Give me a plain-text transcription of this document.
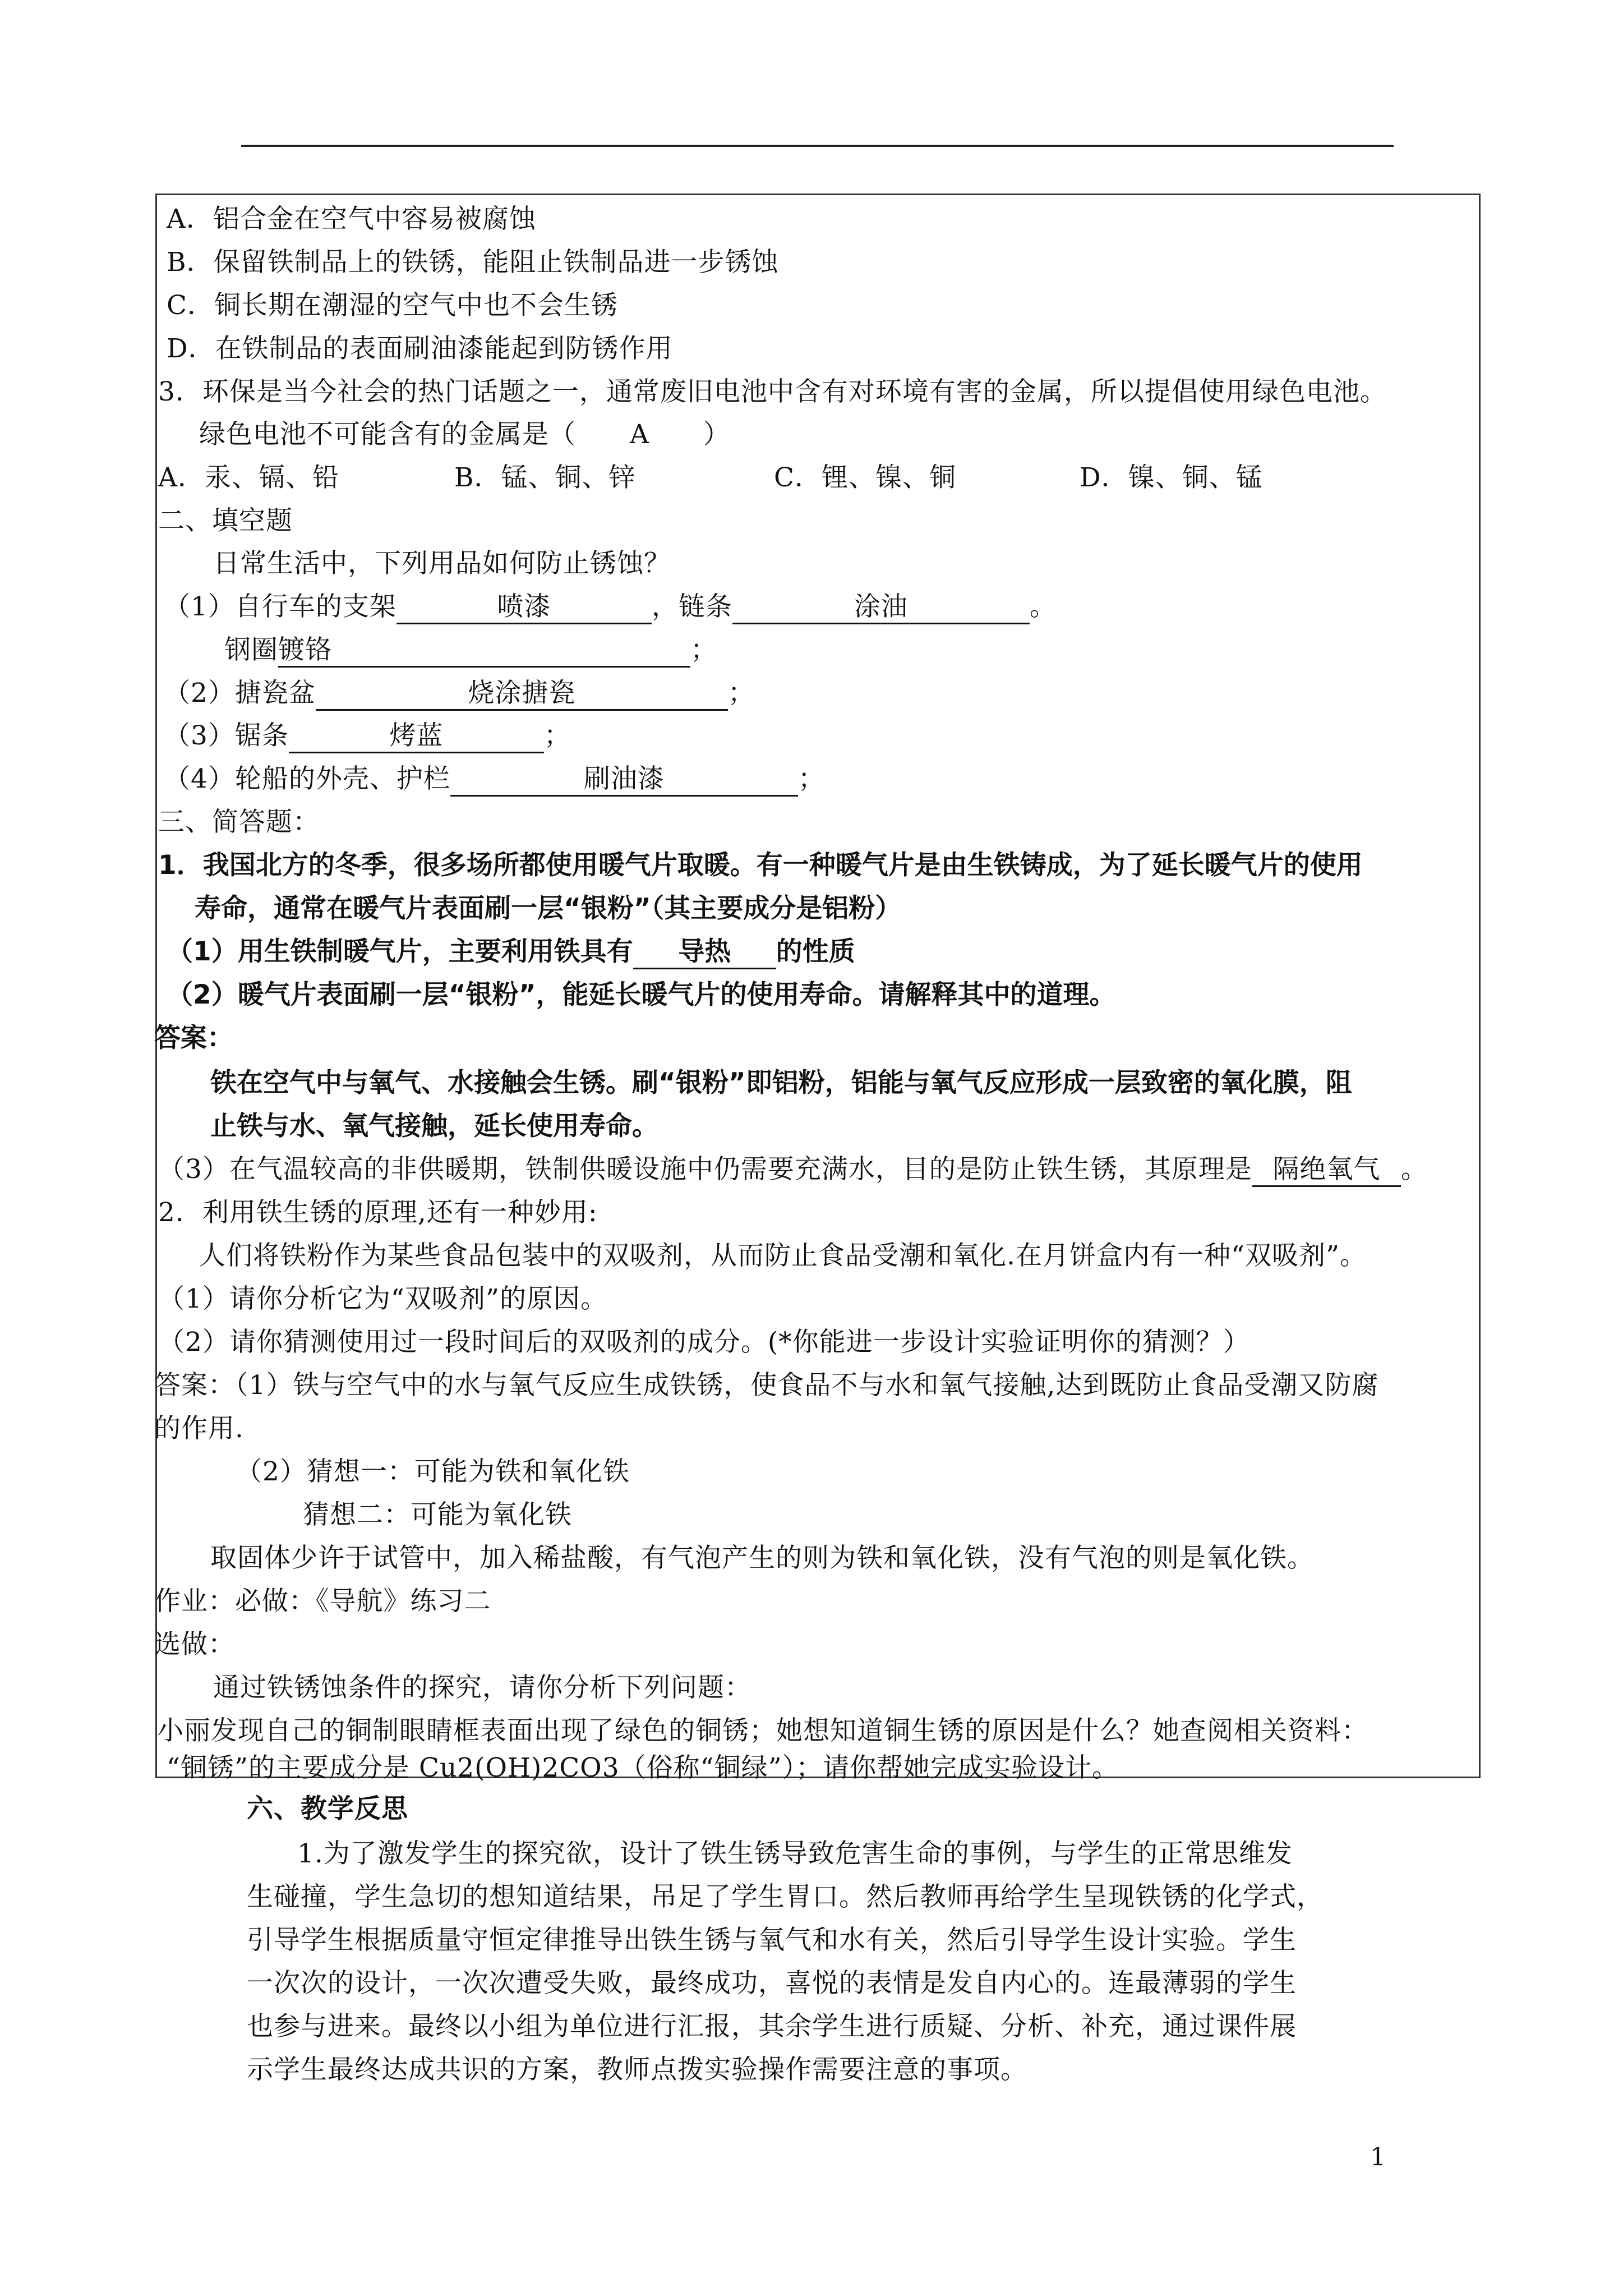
A．铝合金在空气中容易被腐蚀
B．保留铁制品上的铁锈，能阻止铁制品进一步锈蚀
C．铜长期在潮湿的空气中也不会生锈
D．在铁制品的表面刷油漆能起到防锈作用
3．环保是当今社会的热门话题之一，通常废旧电池中含有对环境有害的金属，所以提倡使用绿色电池。
绿色电池不可能含有的金属是（　　A　　）
A．汞、镉、铅	B．锰、铜、锌	C．锂、镍、铜	D．镍、铜、锰
二、填空题
日常生活中，下列用品如何防止锈蚀？
（1）自行车的支架	喷漆	，链条	涂油	。
钢圈镀铬	；
（2）搪瓷盆	烧涂搪瓷	；
（3）锯条	烤蓝	；
（4）轮船的外壳、护栏	刷油漆	；
三、简答题：
1．我国北方的冬季，很多场所都使用暖气片取暖。有一种暖气片是由生铁铸成，为了延长暖气片的使用
寿命，通常在暖气片表面刷一层“银粉”（其主要成分是铝粉）
（1）用生铁制暖气片，主要利用铁具有 导热 的性质
（2）暖气片表面刷一层“银粉”，能延长暖气片的使用寿命。请解释其中的道理。
答案：
铁在空气中与氧气、水接触会生锈。刷“银粉”即铝粉，铝能与氧气反应形成一层致密的氧化膜，阻
止铁与水、氧气接触，延长使用寿命。
（3）在气温较高的非供暖期，铁制供暖设施中仍需要充满水，目的是防止铁生锈，其原理是 隔绝氧气 。
2．利用铁生锈的原理,还有一种妙用:
人们将铁粉作为某些食品包装中的双吸剂，从而防止食品受潮和氧化.在月饼盒内有一种“双吸剂”。
（1）请你分析它为“双吸剂”的原因。
（2）请你猜测使用过一段时间后的双吸剂的成分。(*你能进一步设计实验证明你的猜测？）
答案：（1）铁与空气中的水与氧气反应生成铁锈，使食品不与水和氧气接触,达到既防止食品受潮又防腐
的作用.
（2）猜想一：可能为铁和氧化铁
猜想二：可能为氧化铁
取固体少许于试管中，加入稀盐酸，有气泡产生的则为铁和氧化铁，没有气泡的则是氧化铁。
作业：必做：《导航》练习二
选做：
通过铁锈蚀条件的探究，请你分析下列问题：
小丽发现自己的铜制眼睛框表面出现了绿色的铜锈；她想知道铜生锈的原因是什么？她查阅相关资料：
“铜锈”的主要成分是 Cu2(OH)2CO3（俗称“铜绿”）；请你帮她完成实验设计。
六、教学反思
1.为了激发学生的探究欲，设计了铁生锈导致危害生命的事例，与学生的正常思维发
生碰撞，学生急切的想知道结果，吊足了学生胃口。然后教师再给学生呈现铁锈的化学式，
引导学生根据质量守恒定律推导出铁生锈与氧气和水有关，然后引导学生设计实验。学生
一次次的设计，一次次遭受失败，最终成功，喜悦的表情是发自内心的。连最薄弱的学生
也参与进来。最终以小组为单位进行汇报，其余学生进行质疑、分析、补充，通过课件展
示学生最终达成共识的方案，教师点拨实验操作需要注意的事项。
1
